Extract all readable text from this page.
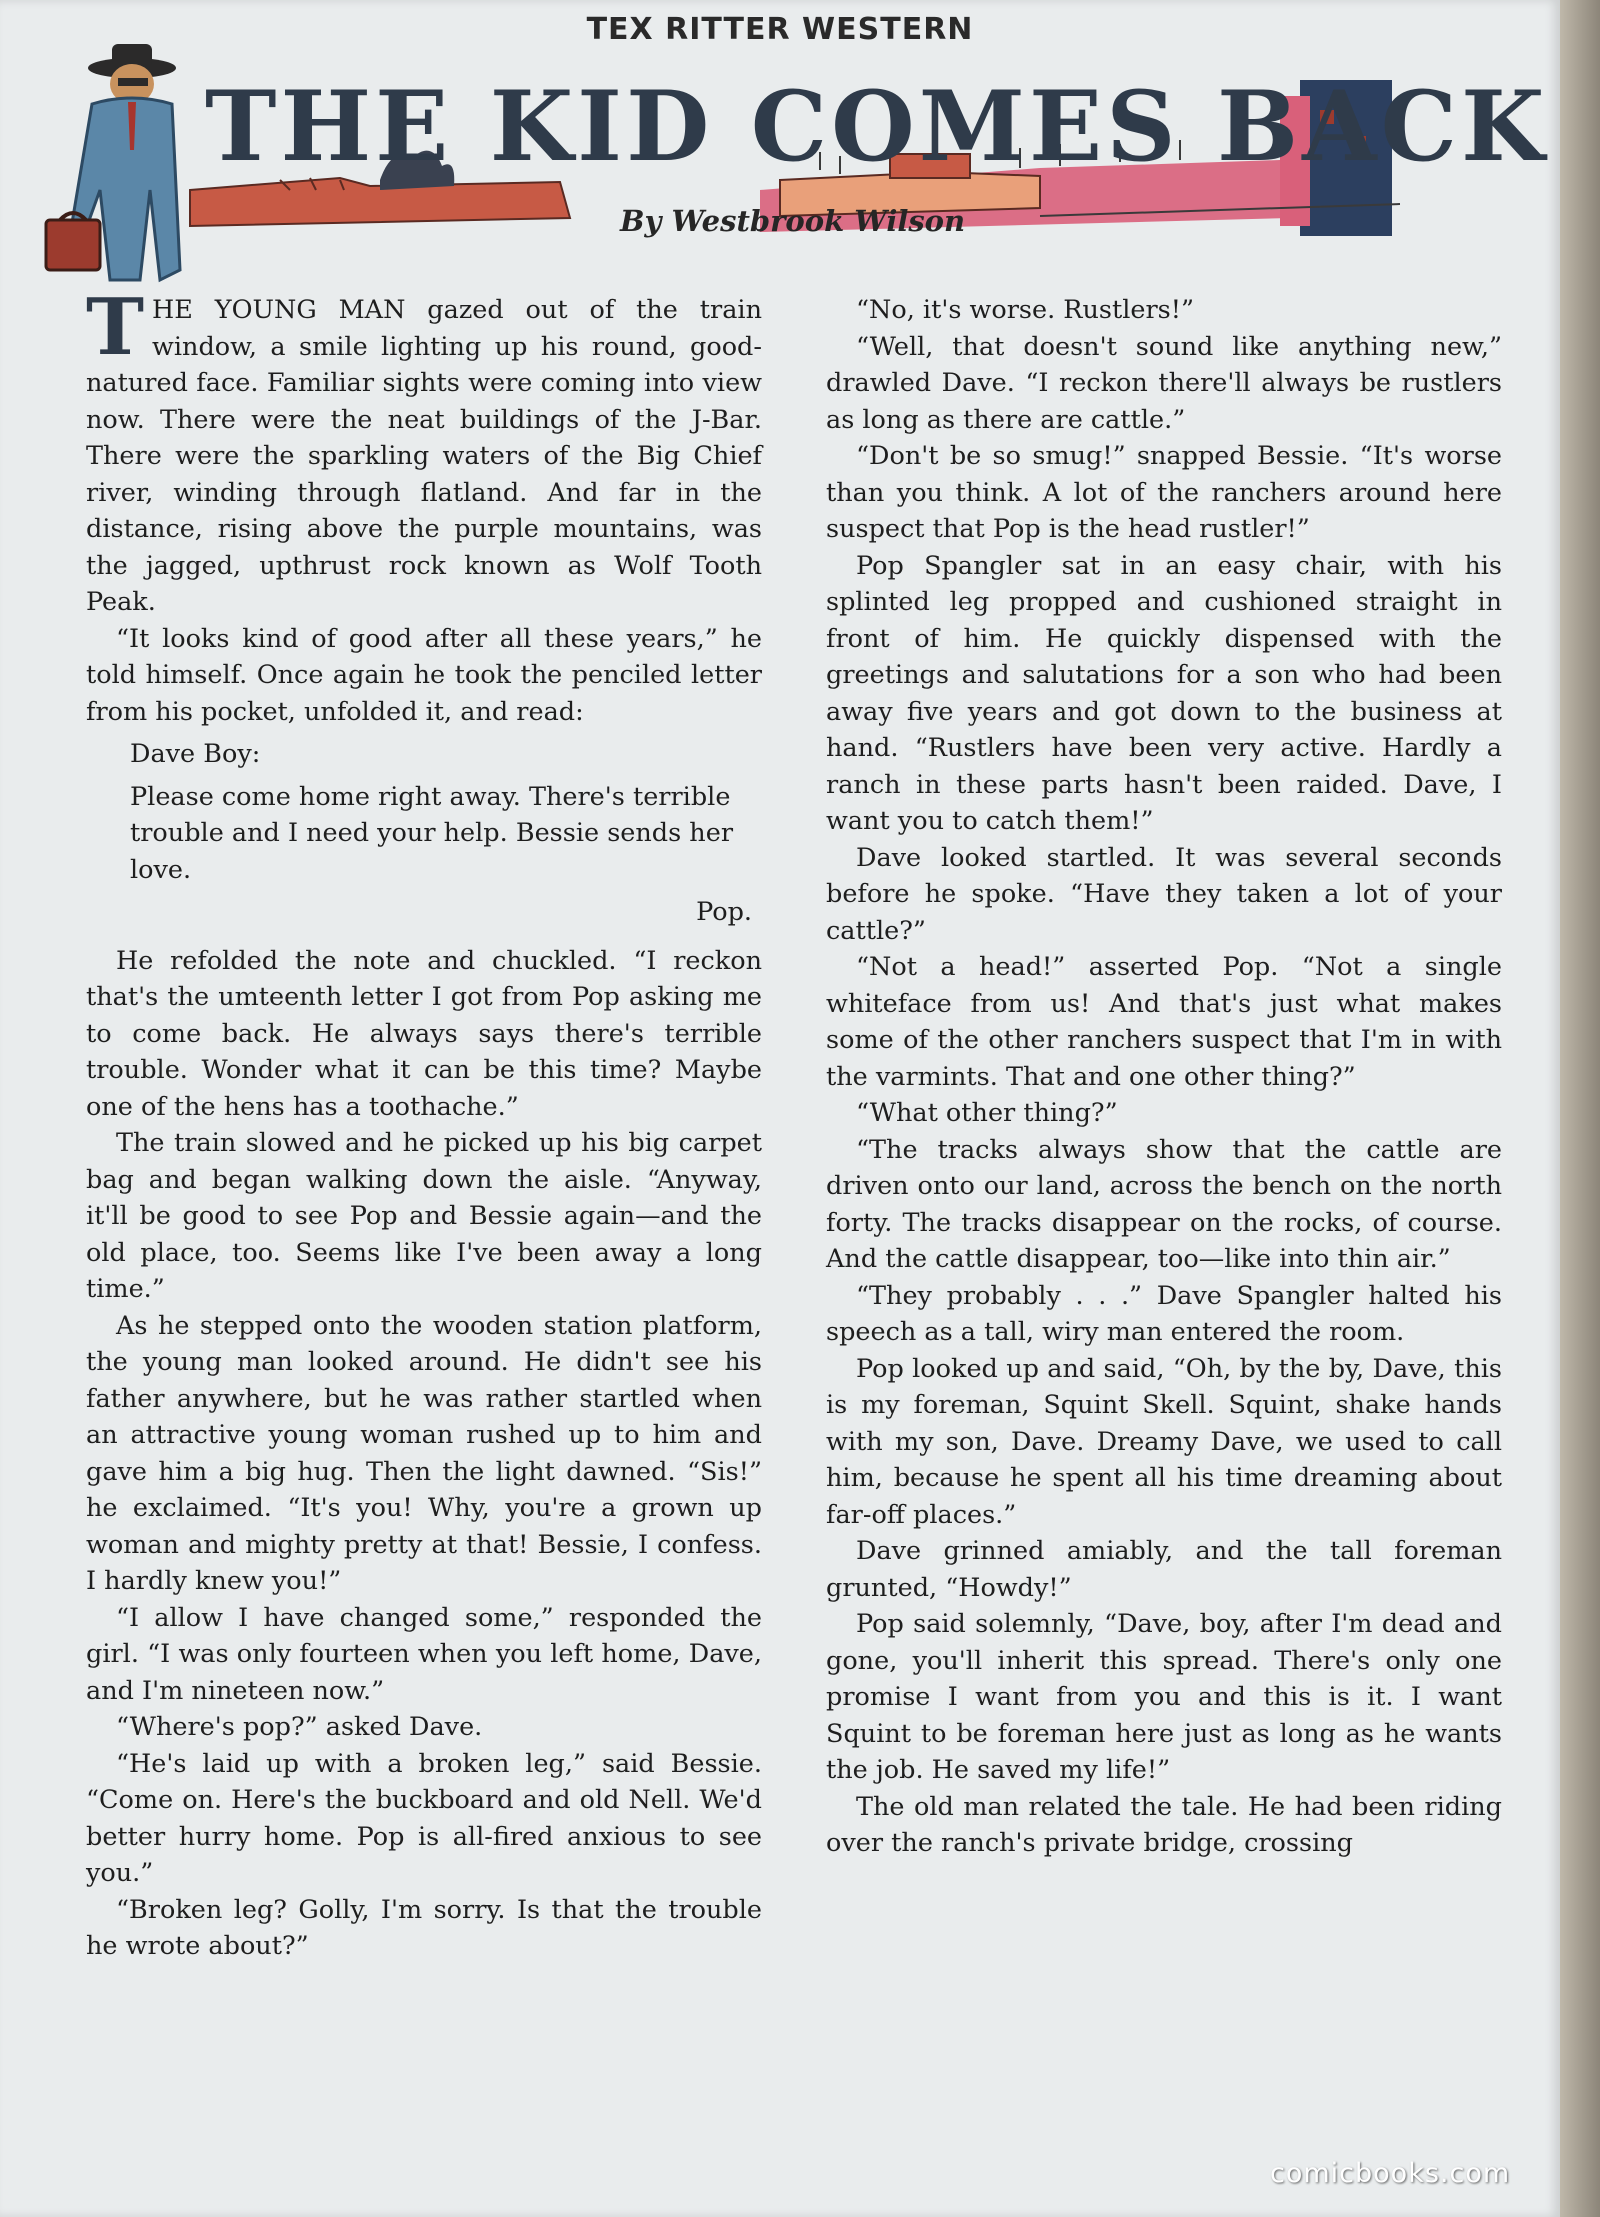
TEX RITTER WESTERN
THE KID COMES BACK
By Westbrook Wilson

THE YOUNG MAN gazed out of the train window, a smile lighting up his round, good-natured face. Familiar sights were coming into view now. There were the neat buildings of the J-Bar. There were the sparkling waters of the Big Chief river, winding through flatland. And far in the distance, rising above the purple mountains, was the jagged, upthrust rock known as Wolf Tooth Peak.

“It looks kind of good after all these years,” he told himself. Once again he took the penciled letter from his pocket, unfolded it, and read:

Dave Boy:

Please come home right away. There's terrible trouble and I need your help. Bessie sends her love.

Pop.

He refolded the note and chuckled. “I reckon that's the umteenth letter I got from Pop asking me to come back. He always says there's terrible trouble. Wonder what it can be this time? Maybe one of the hens has a toothache.”

The train slowed and he picked up his big carpet bag and began walking down the aisle. “Anyway, it'll be good to see Pop and Bessie again—and the old place, too. Seems like I've been away a long time.”

As he stepped onto the wooden station platform, the young man looked around. He didn't see his father anywhere, but he was rather startled when an attractive young woman rushed up to him and gave him a big hug. Then the light dawned. “Sis!” he exclaimed. “It's you! Why, you're a grown up woman and mighty pretty at that! Bessie, I confess. I hardly knew you!”

“I allow I have changed some,” responded the girl. “I was only fourteen when you left home, Dave, and I'm nineteen now.”

“Where's pop?” asked Dave.

“He's laid up with a broken leg,” said Bessie. “Come on. Here's the buckboard and old Nell. We'd better hurry home. Pop is all-fired anxious to see you.”

“Broken leg? Golly, I'm sorry. Is that the trouble he wrote about?”

“No, it's worse. Rustlers!”

“Well, that doesn't sound like anything new,” drawled Dave. “I reckon there'll always be rustlers as long as there are cattle.”

“Don't be so smug!” snapped Bessie. “It's worse than you think. A lot of the ranchers around here suspect that Pop is the head rustler!”

Pop Spangler sat in an easy chair, with his splinted leg propped and cushioned straight in front of him. He quickly dispensed with the greetings and salutations for a son who had been away five years and got down to the business at hand. “Rustlers have been very active. Hardly a ranch in these parts hasn't been raided. Dave, I want you to catch them!”

Dave looked startled. It was several seconds before he spoke. “Have they taken a lot of your cattle?”

“Not a head!” asserted Pop. “Not a single whiteface from us! And that's just what makes some of the other ranchers suspect that I'm in with the varmints. That and one other thing?”

“What other thing?”

“The tracks always show that the cattle are driven onto our land, across the bench on the north forty. The tracks disappear on the rocks, of course. And the cattle disappear, too—like into thin air.”

“They probably . . .” Dave Spangler halted his speech as a tall, wiry man entered the room.

Pop looked up and said, “Oh, by the by, Dave, this is my foreman, Squint Skell. Squint, shake hands with my son, Dave. Dreamy Dave, we used to call him, because he spent all his time dreaming about far-off places.”

Dave grinned amiably, and the tall foreman grunted, “Howdy!”

Pop said solemnly, “Dave, boy, after I'm dead and gone, you'll inherit this spread. There's only one promise I want from you and this is it. I want Squint to be foreman here just as long as he wants the job. He saved my life!”

The old man related the tale. He had been riding over the ranch's private bridge, crossing

comicbooks.com
